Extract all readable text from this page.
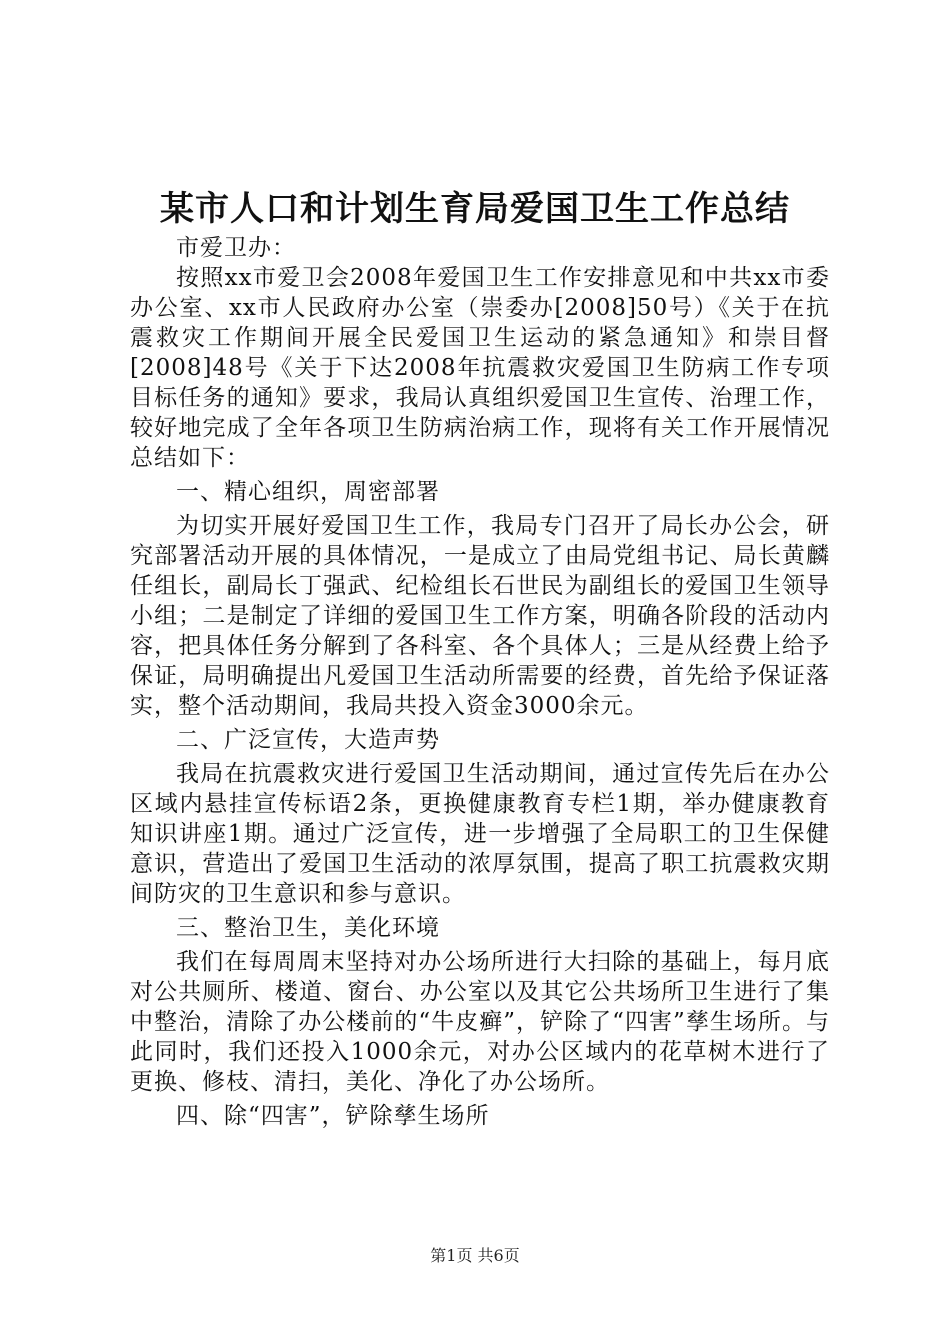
某市人口和计划生育局爱国卫生工作总结

市爱卫办：

按照xx市爱卫会2008年爱国卫生工作安排意见和中共xx市委办公室、xx市人民政府办公室（崇委办[2008]50号）《关于在抗震救灾工作期间开展全民爱国卫生运动的紧急通知》和崇目督[2008]48号《关于下达2008年抗震救灾爱国卫生防病工作专项目标任务的通知》要求，我局认真组织爱国卫生宣传、治理工作，较好地完成了全年各项卫生防病治病工作，现将有关工作开展情况总结如下：

一、精心组织，周密部署

为切实开展好爱国卫生工作，我局专门召开了局长办公会，研究部署活动开展的具体情况，一是成立了由局党组书记、局长黄麟任组长，副局长丁强武、纪检组长石世民为副组长的爱国卫生领导小组；二是制定了详细的爱国卫生工作方案，明确各阶段的活动内容，把具体任务分解到了各科室、各个具体人；三是从经费上给予保证，局明确提出凡爱国卫生活动所需要的经费，首先给予保证落实，整个活动期间，我局共投入资金3000余元。

二、广泛宣传，大造声势

我局在抗震救灾进行爱国卫生活动期间，通过宣传先后在办公区域内悬挂宣传标语2条，更换健康教育专栏1期，举办健康教育知识讲座1期。通过广泛宣传，进一步增强了全局职工的卫生保健意识，营造出了爱国卫生活动的浓厚氛围，提高了职工抗震救灾期间防灾的卫生意识和参与意识。

三、整治卫生，美化环境

我们在每周周末坚持对办公场所进行大扫除的基础上，每月底对公共厕所、楼道、窗台、办公室以及其它公共场所卫生进行了集中整治，清除了办公楼前的“牛皮癣”，铲除了“四害”孳生场所。与此同时，我们还投入1000余元，对办公区域内的花草树木进行了更换、修枝、清扫，美化、净化了办公场所。

四、除“四害”，铲除孳生场所

第1页 共6页
